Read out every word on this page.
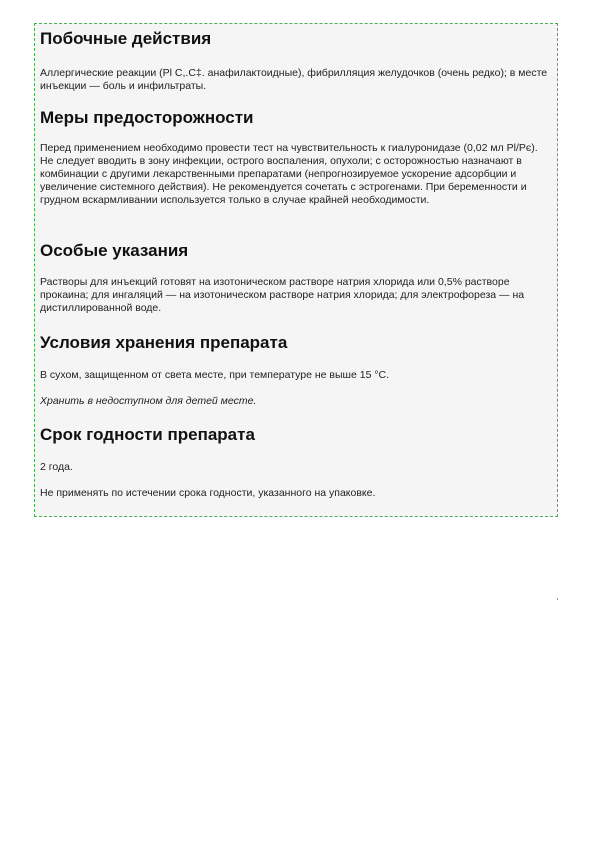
Побочные действия

Аллергические реакции (Pl С,.С‡. анафилактоидные), фибрилляция желудочков (очень редко); в месте инъекции — боль и инфильтраты.

Меры предосторожности

Перед применением необходимо провести тест на чувствительность к гиалуронидазе (0,02 мл Pl/Рє). Не следует вводить в зону инфекции, острого воспаления, опухоли; с осторожностью назначают в комбинации с другими лекарственными препаратами (непрогнозируемое ускорение адсорбции и увеличение системного действия). Не рекомендуется сочетать с эстрогенами. При беременности и грудном вскармливании используется только в случае крайней необходимости.

Особые указания

Растворы для инъекций готовят на изотоническом растворе натрия хлорида или 0,5% растворе прокаина; для ингаляций — на изотоническом растворе натрия хлорида; для электрофореза — на дистиллированной воде.

Условия хранения препарата

В сухом, защищенном от света месте, при температуре не выше 15 °С.

Хранить в недоступном для детей месте.

Срок годности препарата

2 года.

Не применять по истечении срока годности, указанного на упаковке.
